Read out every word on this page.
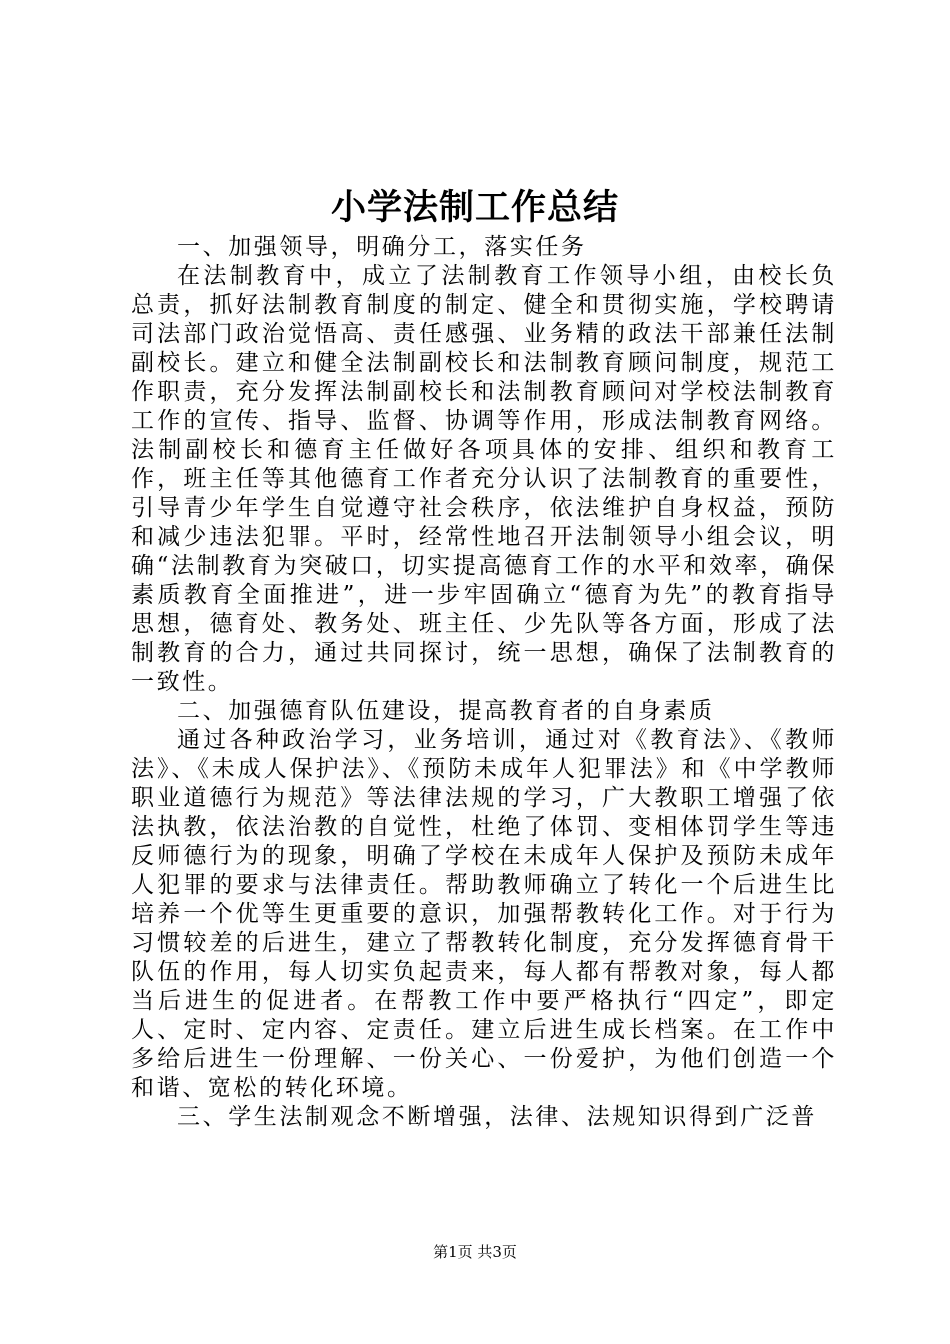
小学法制工作总结

一、加强领导，明确分工，落实任务

在法制教育中，成立了法制教育工作领导小组，由校长负总责，抓好法制教育制度的制定、健全和贯彻实施，学校聘请司法部门政治觉悟高、责任感强、业务精的政法干部兼任法制副校长。建立和健全法制副校长和法制教育顾问制度，规范工作职责，充分发挥法制副校长和法制教育顾问对学校法制教育工作的宣传、指导、监督、协调等作用，形成法制教育网络。法制副校长和德育主任做好各项具体的安排、组织和教育工作，班主任等其他德育工作者充分认识了法制教育的重要性，引导青少年学生自觉遵守社会秩序，依法维护自身权益，预防和减少违法犯罪。平时，经常性地召开法制领导小组会议，明确“法制教育为突破口，切实提高德育工作的水平和效率，确保素质教育全面推进”，进一步牢固确立“德育为先”的教育指导思想，德育处、教务处、班主任、少先队等各方面，形成了法制教育的合力，通过共同探讨，统一思想，确保了法制教育的一致性。

二、加强德育队伍建设，提高教育者的自身素质

通过各种政治学习，业务培训，通过对《教育法》、《教师法》、《未成人保护法》、《预防未成年人犯罪法》和《中学教师职业道德行为规范》等法律法规的学习，广大教职工增强了依法执教，依法治教的自觉性，杜绝了体罚、变相体罚学生等违反师德行为的现象，明确了学校在未成年人保护及预防未成年人犯罪的要求与法律责任。帮助教师确立了转化一个后进生比培养一个优等生更重要的意识，加强帮教转化工作。对于行为习惯较差的后进生，建立了帮教转化制度，充分发挥德育骨干队伍的作用，每人切实负起责来，每人都有帮教对象，每人都当后进生的促进者。在帮教工作中要严格执行“四定”，即定人、定时、定内容、定责任。建立后进生成长档案。在工作中多给后进生一份理解、一份关心、一份爱护，为他们创造一个和谐、宽松的转化环境。

三、学生法制观念不断增强，法律、法规知识得到广泛普

第1页 共3页
